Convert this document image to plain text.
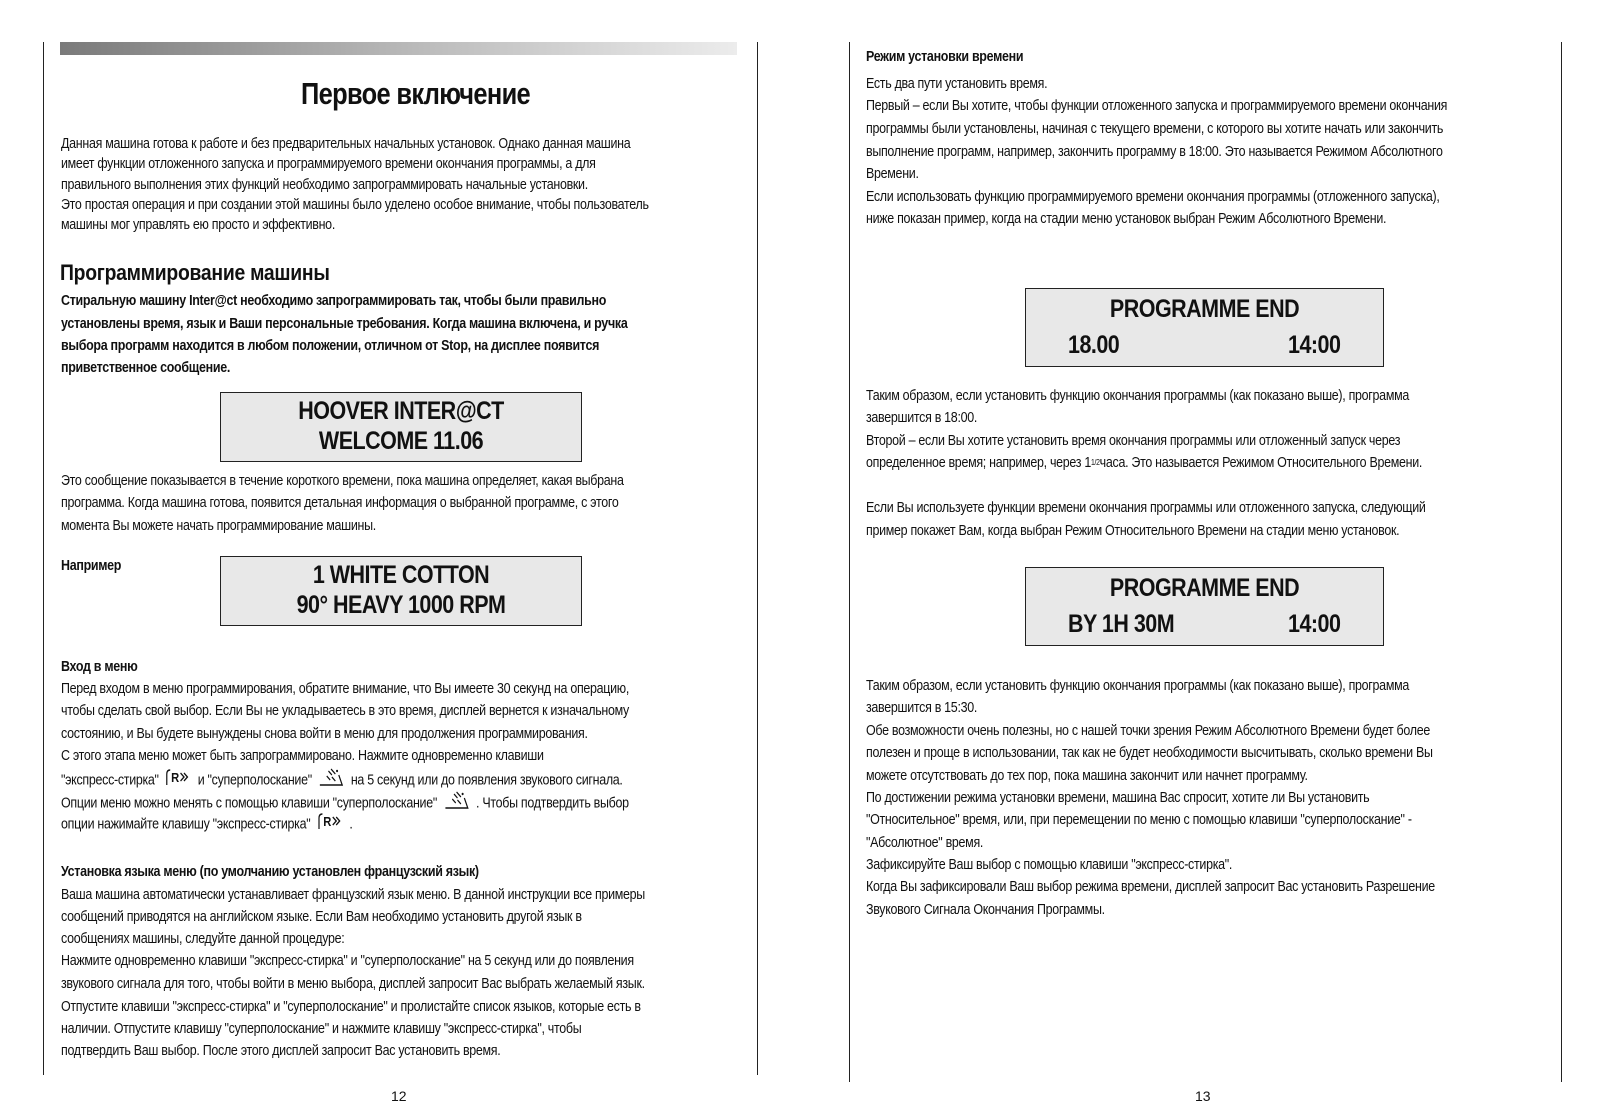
Первое включение
Данная машина готова к работе и без предварительных начальных установок. Однако данная машина
имеет функции отложенного запуска и программируемого времени окончания программы, а для
правильного выполнения этих функций необходимо запрограммировать начальные установки.
Это простая операция и при создании этой машины было уделено особое внимание, чтобы пользователь
машины мог управлять ею просто и эффективно.
Программирование машины
Стиральную машину Inter@ct необходимо запрограммировать так, чтобы были правильно
установлены время, язык и Ваши персональные требования. Когда машина включена, и ручка
выбора программ находится в любом положении, отличном от Stop, на дисплее появится
приветственное сообщение.
HOOVER INTER@CT
WELCOME 11.06
Это сообщение показывается в течение короткого времени, пока машина определяет, какая выбрана
программа. Когда машина готова, появится детальная информация о выбранной программе, с этого
момента Вы можете начать программирование машины.
Например	1 WHITE COTTON
90° HEAVY 1000 RPM
Вход в меню
Перед входом в меню программирования, обратите внимание, что Вы имеете 30 секунд на операцию,
чтобы сделать свой выбор. Если Вы не укладываетесь в это время, дисплей вернется к изначальному
состоянию, и Вы будете вынуждены снова войти в меню для продолжения программирования.
С этого этапа меню может быть запрограммировано. Нажмите одновременно клавиши
"экспресс-стирка" R и "суперполоскание"	на 5 секунд или до появления звукового сигнала.
Опции меню можно менять с помощью клавиши "суперполоскание"	. Чтобы подтвердить выбор
опции нажимайте клавишу "экспресс-стирка" R .
Установка языка меню (по умолчанию установлен французский язык)
Ваша машина автоматически устанавливает французский язык меню. В данной инструкции все примеры
сообщений приводятся на английском языке. Если Вам необходимо установить другой язык в
сообщениях машины, следуйте данной процедуре:
Нажмите одновременно клавиши "экспресс-стирка" и "суперполоскание" на 5 секунд или до появления
звукового сигнала для того, чтобы войти в меню выбора, дисплей запросит Вас выбрать желаемый язык.
Отпустите клавиши "экспресс-стирка" и "суперполоскание" и пролистайте список языков, которые есть в
наличии. Отпустите клавишу "суперполоскание" и нажмите клавишу "экспресс-стирка", чтобы
подтвердить Ваш выбор. После этого дисплей запросит Вас установить время.
12
Режим установки времени
Есть два пути установить время.
Первый – если Вы хотите, чтобы функции отложенного запуска и программируемого времени окончания
программы были установлены, начиная с текущего времени, с которого вы хотите начать или закончить
выполнение программ, например, закончить программу в 18:00. Это называется Режимом Абсолютного
Времени.
Если использовать функцию программируемого времени окончания программы (отложенного запуска),
ниже показан пример, когда на стадии меню установок выбран Режим Абсолютного Времени.
PROGRAMME END
18.00	14:00
Таким образом, если установить функцию окончания программы (как показано выше), программа
завершится в 18:00.
Второй – если Вы хотите установить время окончания программы или отложенный запуск через
определенное время; например, через $1^{1/2}часа$. Это называется Режимом Относительного Времени.
Если Вы используете функции времени окончания программы или отложенного запуска, следующий
пример покажет Вам, когда выбран Режим Относительного Времени на стадии меню установок.
PROGRAMME END
BY 1H 30M	14:00
Таким образом, если установить функцию окончания программы (как показано выше), программа
завершится в 15:30.
Обе возможности очень полезны, но с нашей точки зрения Режим Абсолютного Времени будет более
полезен и проще в использовании, так как не будет необходимости высчитывать, сколько времени Вы
можете отсутствовать до тех пор, пока машина закончит или начнет программу.
По достижении режима установки времени, машина Вас спросит, хотите ли Вы установить
"Относительное" время, или, при перемещении по меню с помощью клавиши "суперполоскание" -
"Абсолютное" время.
Зафиксируйте Ваш выбор с помощью клавиши "экспресс-стирка".
Когда Вы зафиксировали Ваш выбор режима времени, дисплей запросит Вас установить Разрешение
Звукового Сигнала Окончания Программы.
13
